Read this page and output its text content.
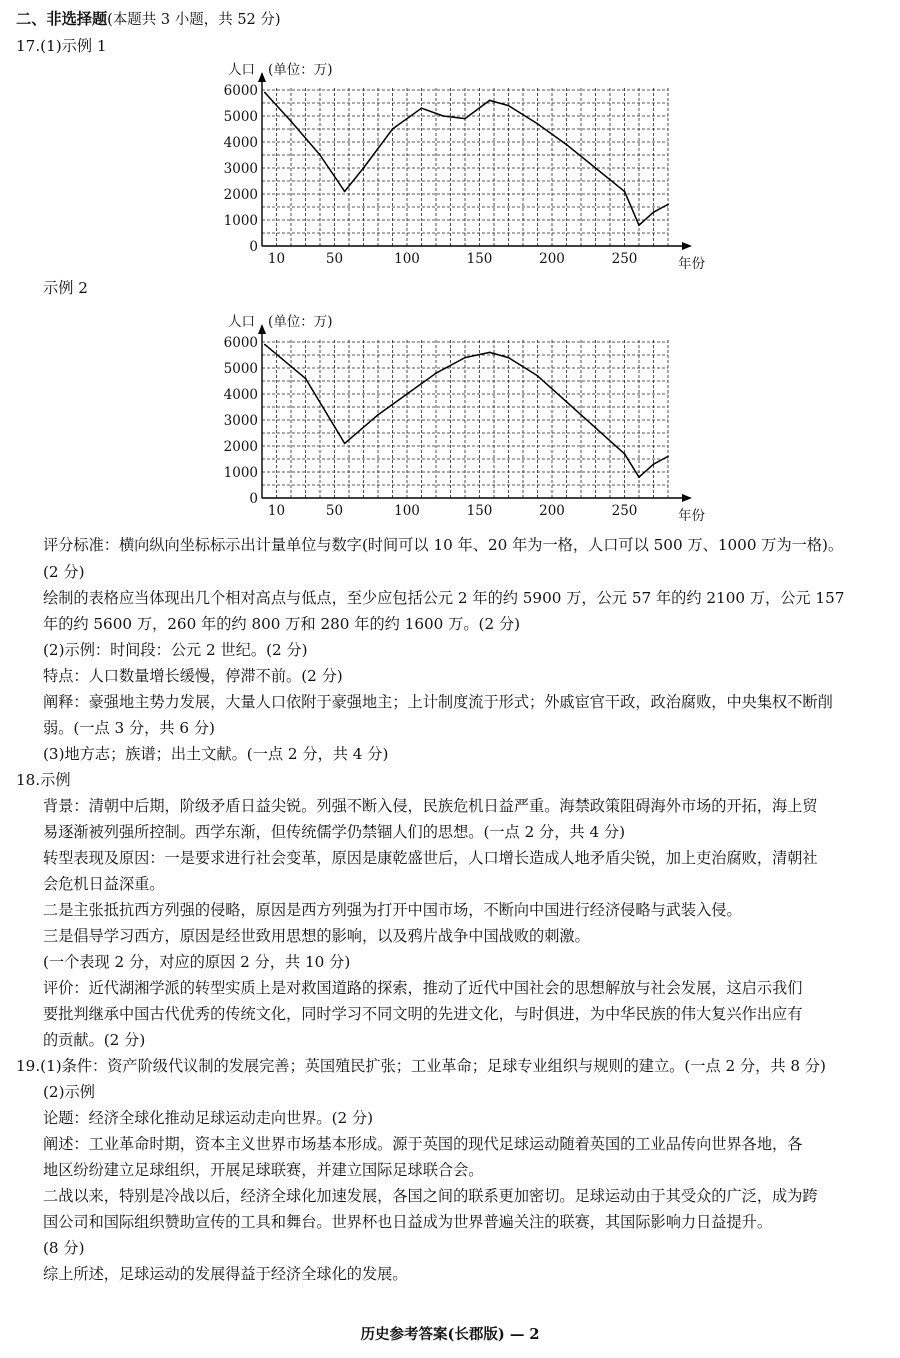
二、非选择题(本题共 3 小题，共 52 分)
17.(1)示例 1
0
1000
2000
3000
4000
5000
6000
10	50	100	150	200	250
人口 (单位：万)
年份
示例 2
0
1000
2000
3000
4000
5000
6000
10	50	100	150	200	250
人口 (单位：万)
年份
评分标准：横向纵向坐标标示出计量单位与数字(时间可以 10 年、20 年为一格，人口可以 500 万、1000 万为一格)。
(2 分)
绘制的表格应当体现出几个相对高点与低点，至少应包括公元 2 年的约 5900 万，公元 57 年的约 2100 万，公元 157
年的约 5600 万，260 年的约 800 万和 280 年的约 1600 万。(2 分)
(2)示例：时间段：公元 2 世纪。(2 分)
特点：人口数量增长缓慢，停滞不前。(2 分)
阐释：豪强地主势力发展，大量人口依附于豪强地主；上计制度流于形式；外戚宦官干政，政治腐败，中央集权不断削
弱。(一点 3 分，共 6 分)
(3)地方志；族谱；出土文献。(一点 2 分，共 4 分)
18.示例
背景：清朝中后期，阶级矛盾日益尖锐。列强不断入侵，民族危机日益严重。海禁政策阻碍海外市场的开拓，海上贸
易逐渐被列强所控制。西学东渐，但传统儒学仍禁锢人们的思想。(一点 2 分，共 4 分)
转型表现及原因：一是要求进行社会变革，原因是康乾盛世后，人口增长造成人地矛盾尖锐，加上吏治腐败，清朝社
会危机日益深重。
二是主张抵抗西方列强的侵略，原因是西方列强为打开中国市场，不断向中国进行经济侵略与武装入侵。
三是倡导学习西方，原因是经世致用思想的影响，以及鸦片战争中国战败的刺激。
(一个表现 2 分，对应的原因 2 分，共 10 分)
评价：近代湖湘学派的转型实质上是对救国道路的探索，推动了近代中国社会的思想解放与社会发展，这启示我们
要批判继承中国古代优秀的传统文化，同时学习不同文明的先进文化，与时俱进，为中华民族的伟大复兴作出应有
的贡献。(2 分)
19.(1)条件：资产阶级代议制的发展完善；英国殖民扩张；工业革命；足球专业组织与规则的建立。(一点 2 分，共 8 分)
(2)示例
论题：经济全球化推动足球运动走向世界。(2 分)
阐述：工业革命时期，资本主义世界市场基本形成。源于英国的现代足球运动随着英国的工业品传向世界各地，各
地区纷纷建立足球组织，开展足球联赛，并建立国际足球联合会。
二战以来，特别是冷战以后，经济全球化加速发展，各国之间的联系更加密切。足球运动由于其受众的广泛，成为跨
国公司和国际组织赞助宣传的工具和舞台。世界杯也日益成为世界普遍关注的联赛，其国际影响力日益提升。
(8 分)
综上所述，足球运动的发展得益于经济全球化的发展。
历史参考答案(长郡版) — 2
